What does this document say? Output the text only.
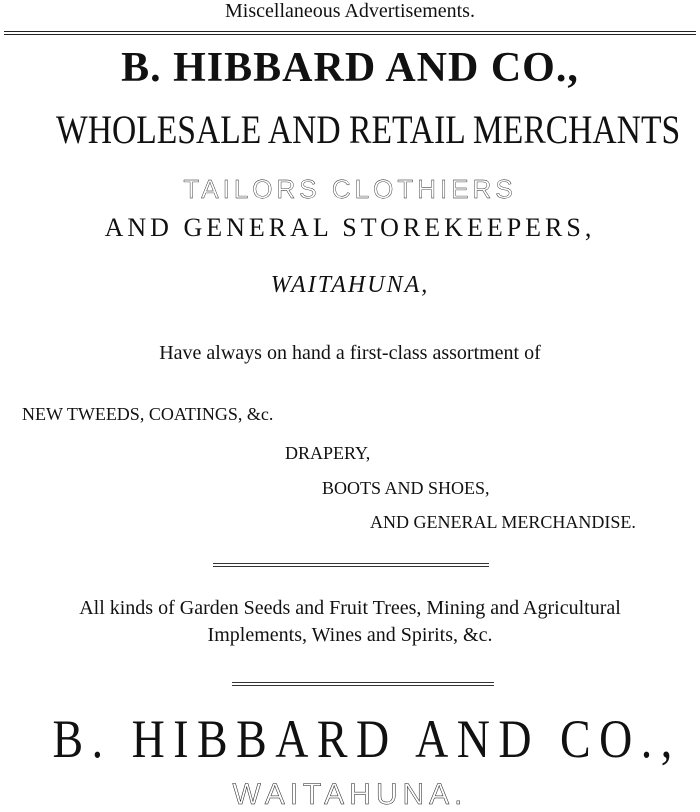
Miscellaneous Advertisements.
B. HIBBARD AND CO.,
WHOLESALE AND RETAIL MERCHANTS
TAILORS CLOTHIERS
AND GENERAL STOREKEEPERS,
WAITAHUNA,
Have always on hand a first-class assortment of
NEW TWEEDS, COATINGS, &c.
DRAPERY,
BOOTS AND SHOES,
AND GENERAL MERCHANDISE.
All kinds of Garden Seeds and Fruit Trees, Mining and Agricultural
Implements, Wines and Spirits, &c.
B. HIBBARD AND CO.,
WAITAHUNA.
